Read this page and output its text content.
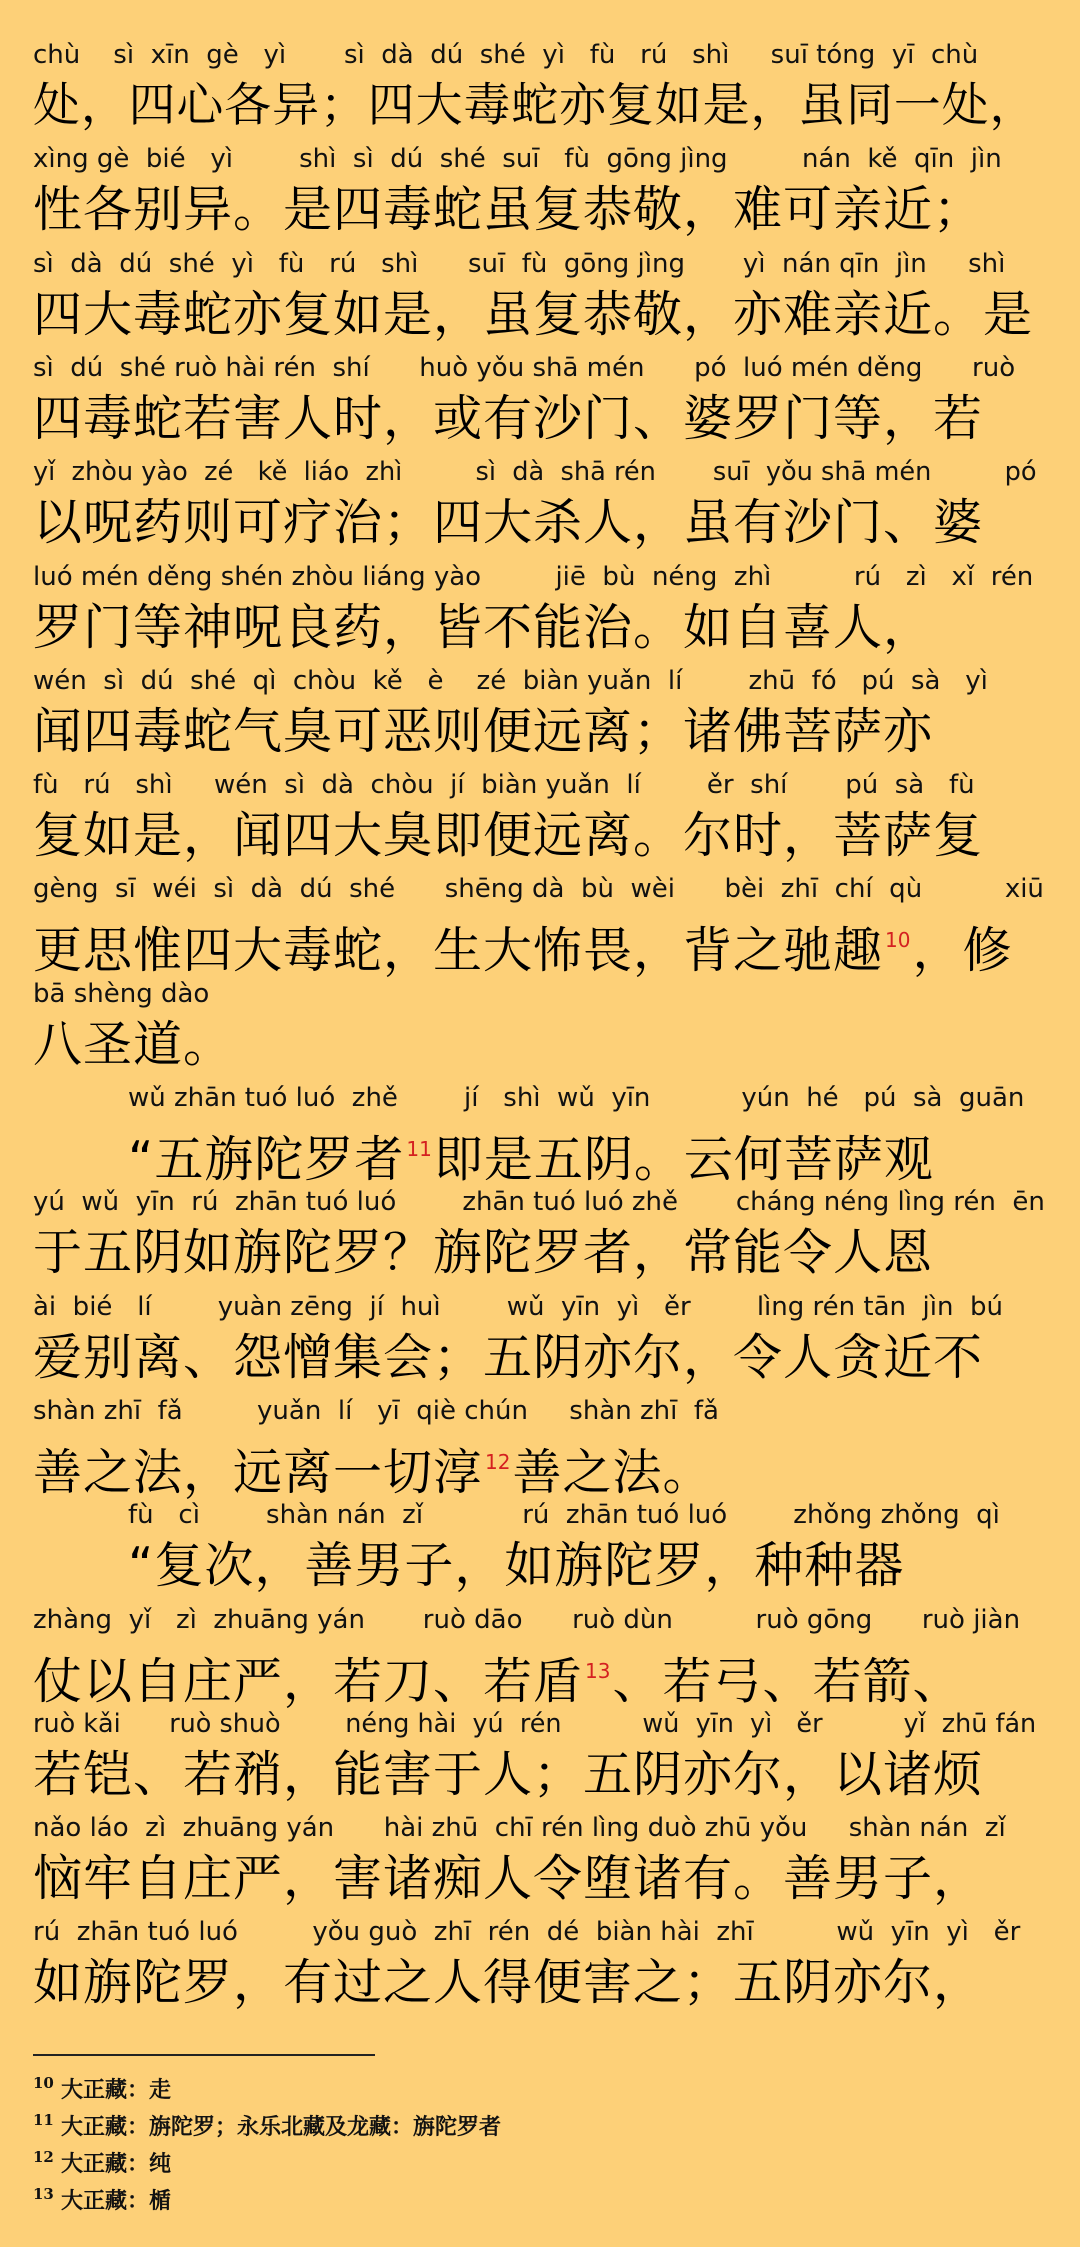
chù    sì  xīn  gè   yì       sì  dà  dú  shé  yì   fù   rú   shì     suī tóng  yī  chù
处，四心各异；四大毒蛇亦复如是，虽同一处，
xìng gè  bié   yì        shì  sì  dú  shé  suī   fù  gōng jìng         nán  kě  qīn  jìn
性各别异。是四毒蛇虽复恭敬，难可亲近；
sì  dà  dú  shé  yì   fù   rú   shì      suī  fù  gōng jìng       yì  nán qīn  jìn     shì
四大毒蛇亦复如是，虽复恭敬，亦难亲近。是
sì  dú  shé ruò hài rén  shí      huò yǒu shā mén      pó  luó mén děng      ruò
四毒蛇若害人时，或有沙门、婆罗门等，若
yǐ  zhòu yào  zé   kě  liáo  zhì         sì  dà  shā rén       suī  yǒu shā mén         pó
以呪药则可疗治；四大杀人，虽有沙门、婆
luó mén děng shén zhòu liáng yào         jiē  bù  néng  zhì          rú   zì   xǐ  rén
罗门等神呪良药，皆不能治。如自喜人，
wén  sì  dú  shé  qì  chòu  kě   è    zé  biàn yuǎn  lí        zhū  fó   pú  sà   yì
闻四毒蛇气臭可恶则便远离；诸佛菩萨亦
fù   rú   shì     wén  sì  dà  chòu  jí  biàn yuǎn  lí        ěr  shí       pú  sà   fù
复如是，闻四大臭即便远离。尔时，菩萨复
gèng  sī  wéi  sì  dà  dú  shé      shēng dà  bù  wèi      bèi  zhī  chí  qù          xiū
更思惟四大毒蛇，生大怖畏，背之驰趣 $^{10}$，修
bā shèng dào
八圣道。
wǔ zhān tuó luó  zhě        jí   shì  wǔ  yīn           yún  hé   pú  sà  guān
“五旃陀罗者 $^{11}$即是五阴。云何菩萨观
yú  wǔ  yīn  rú  zhān tuó luó        zhān tuó luó zhě       cháng néng lìng rén  ēn
于五阴如旃陀罗？旃陀罗者，常能令人恩
ài  bié   lí        yuàn zēng  jí  huì        wǔ  yīn  yì   ěr        lìng rén tān  jìn  bú
爱别离、怨憎集会；五阴亦尔，令人贪近不
shàn zhī  fǎ         yuǎn  lí   yī  qiè chún     shàn zhī  fǎ
善之法，远离一切淳 $^{12}$善之法。
fù   cì        shàn nán  zǐ            rú  zhān tuó luó        zhǒng zhǒng  qì
“复次，善男子，如旃陀罗，种种器
zhàng  yǐ   zì  zhuāng yán       ruò dāo      ruò dùn          ruò gōng      ruò jiàn
仗以自庄严，若刀、若盾 $^{13}$、若弓、若箭、
ruò kǎi      ruò shuò        néng hài  yú  rén          wǔ  yīn  yì   ěr          yǐ  zhū fán
若铠、若矟，能害于人；五阴亦尔，以诸烦
nǎo láo  zì  zhuāng yán      hài zhū  chī rén lìng duò zhū yǒu     shàn nán  zǐ
恼牢自庄严，害诸痴人令堕诸有。善男子，
rú  zhān tuó luó         yǒu guò  zhī  rén  dé  biàn hài  zhī          wǔ  yīn  yì   ěr
如旃陀罗，有过之人得便害之；五阴亦尔，
10 大正藏：走
11 大正藏：旃陀罗；永乐北藏及龙藏：旃陀罗者
12 大正藏：纯
13 大正藏：楯
